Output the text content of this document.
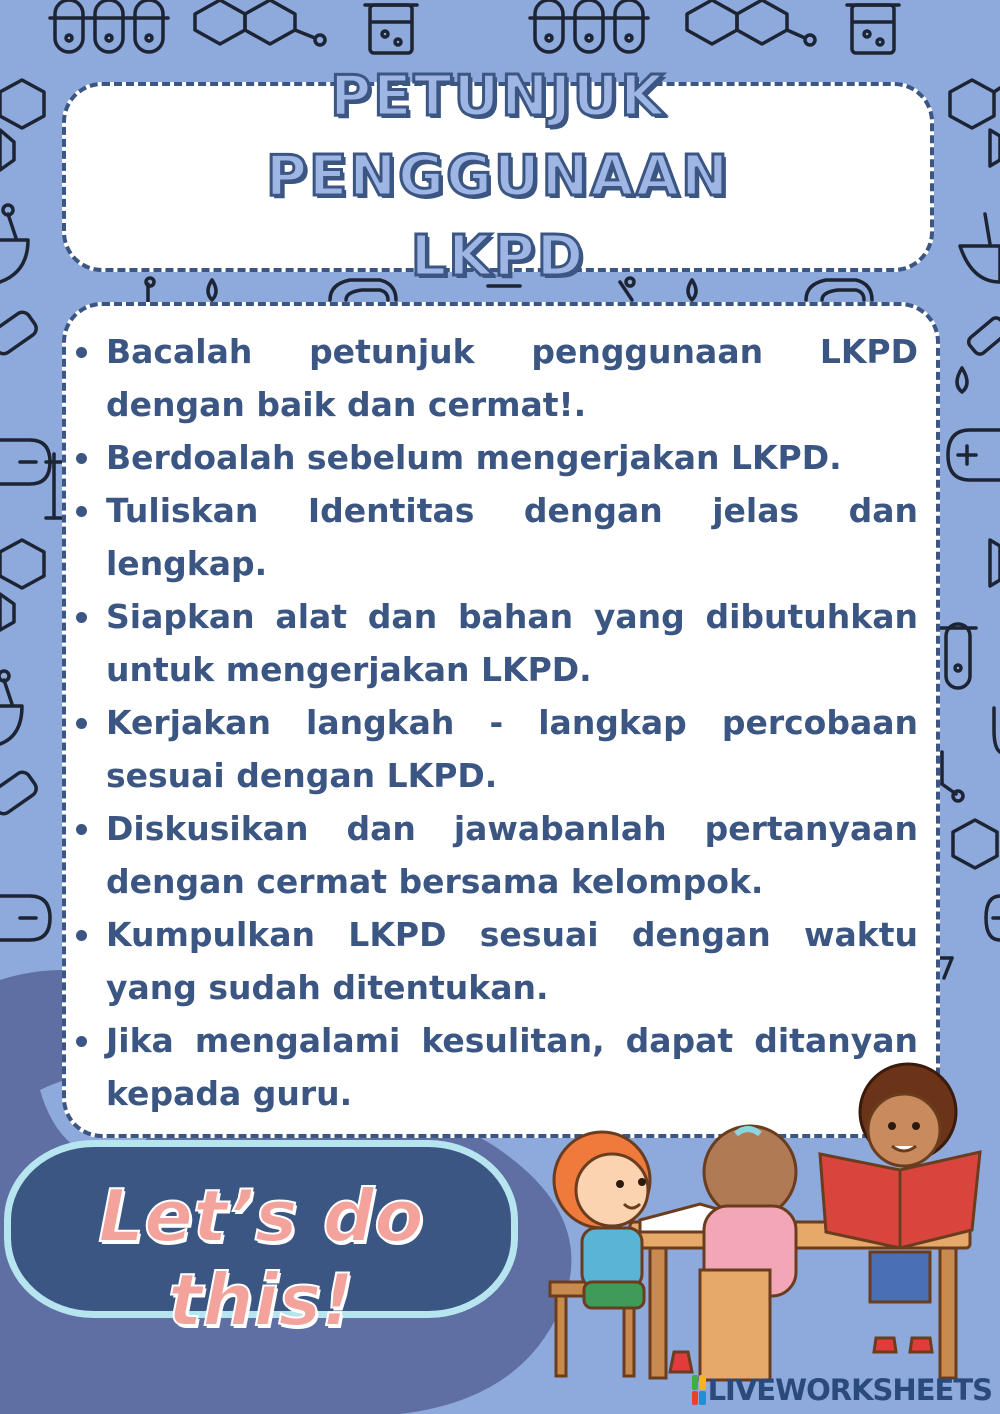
PETUNJUK PENGGUNAAN
LKPD
Bacalah petunjuk penggunaan LKPD dengan baik dan cermat!.
Berdoalah sebelum mengerjakan LKPD.
Tuliskan Identitas dengan jelas dan lengkap.
Siapkan alat dan bahan yang dibutuhkan untuk mengerjakan LKPD.
Kerjakan langkah - langkap percobaan sesuai dengan LKPD.
Diskusikan dan jawabanlah pertanyaan dengan cermat bersama kelompok.
Kumpulkan LKPD sesuai dengan waktu yang sudah ditentukan.
Jika mengalami kesulitan, dapat ditanyan kepada guru.
Let’s do this!
LIVEWORKSHEETS
